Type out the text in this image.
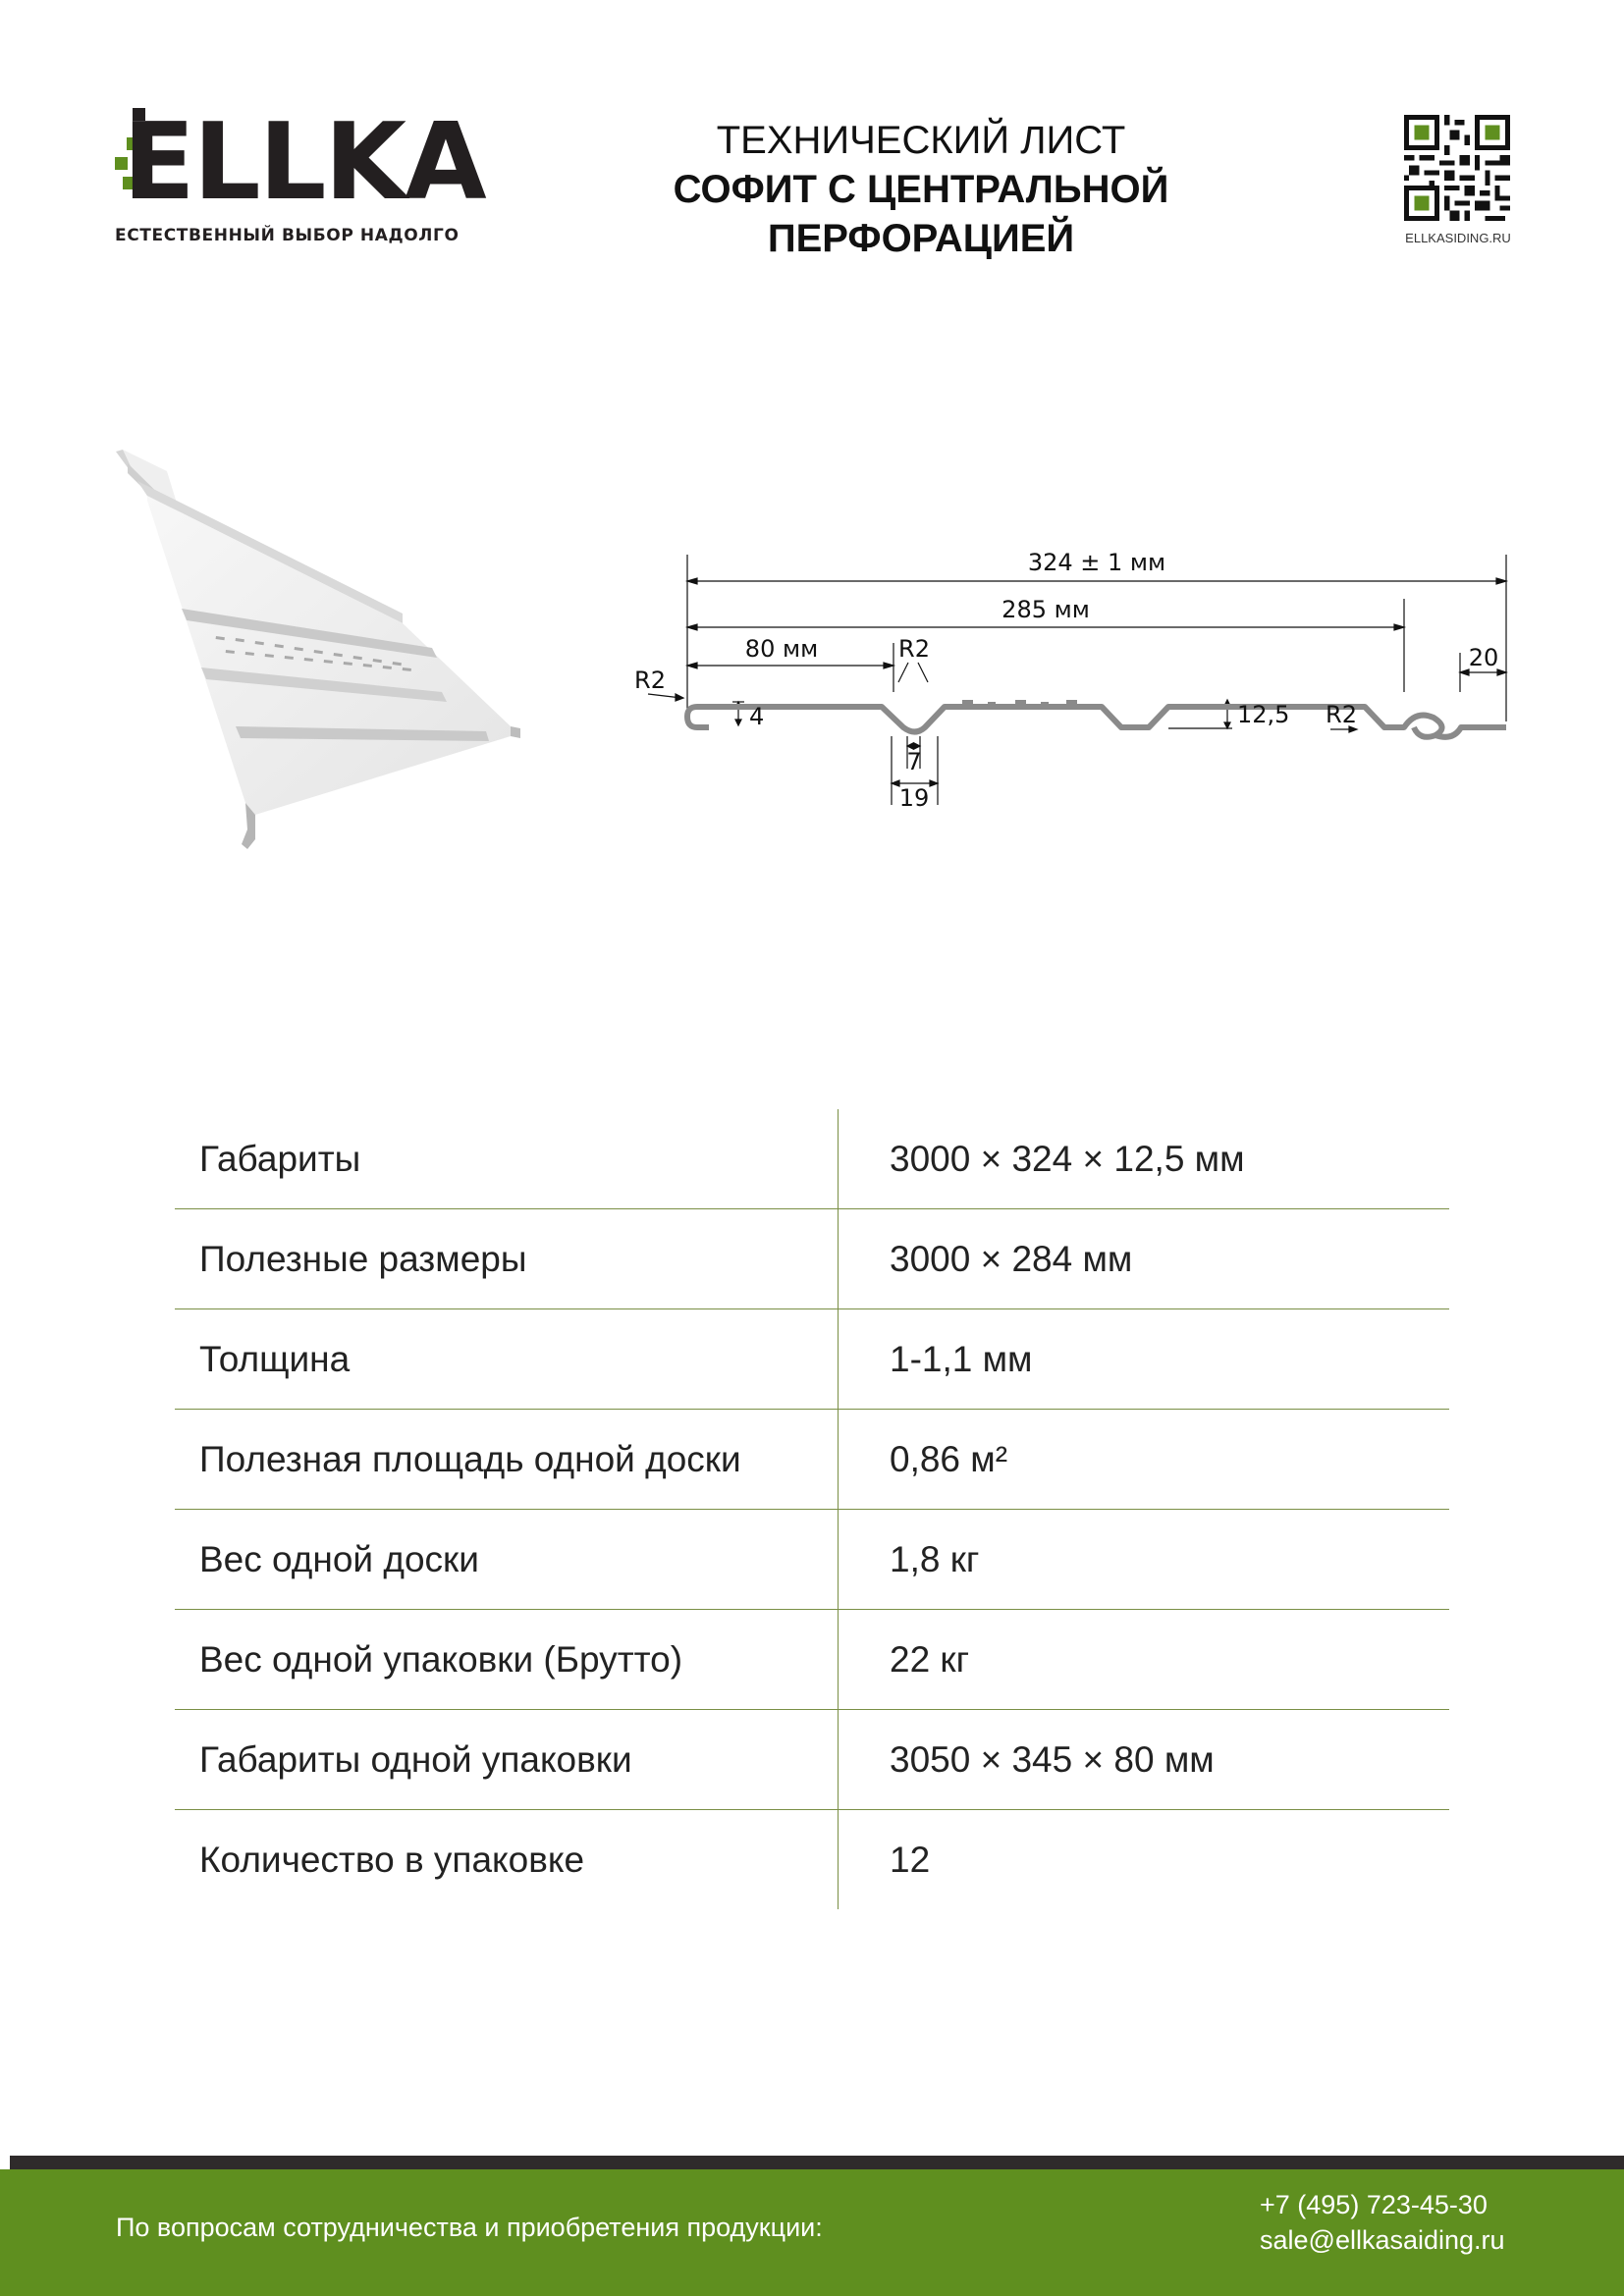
ELLKA
ЕСТЕСТВЕННЫЙ ВЫБОР НАДОЛГО
ТЕХНИЧЕСКИЙ ЛИСТ
СОФИТ С ЦЕНТРАЛЬНОЙ
ПЕРФОРАЦИЕЙ	ELLKASIDING.RU
324 ± 1 мм
285 мм
80 мм	R2
R2
20
4	12,5 R2
7
19
Габариты	3000 × 324 × 12,5 мм
Полезные размеры	3000 × 284 мм
Толщина	1-1,1 мм
Полезная площадь одной доски	0,86 м²
Вес одной доски	1,8 кг
Вес одной упаковки (Брутто)	22 кг
Габариты одной упаковки	3050 × 345 × 80 мм
Количество в упаковке	12
По вопросам сотрудничества и приобретения продукции:
+7 (495) 723-45-30
sale@ellkasaiding.ru
